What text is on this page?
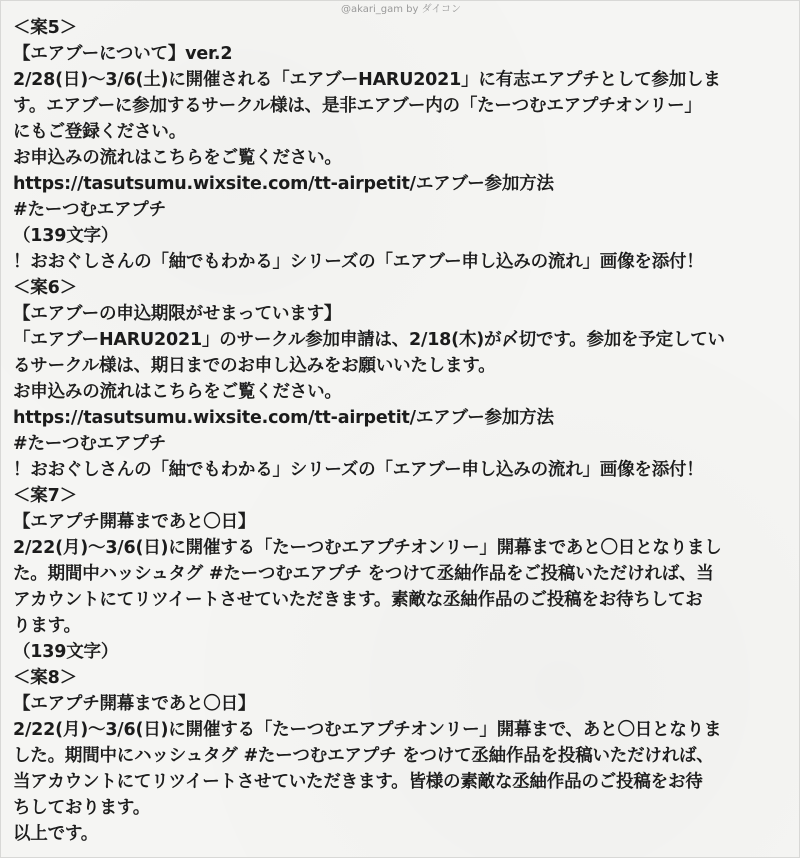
@akari_gam by ダイコン
＜案5＞
【エアブーについて】ver.2
2/28(日)〜3/6(土)に開催される「エアブーHARU2021」に有志エアプチとして参加しま
す。エアブーに参加するサークル様は、是非エアブー内の「たーつむエアプチオンリー」
にもご登録ください。
お申込みの流れはこちらをご覧ください。
https://tasutsumu.wixsite.com/tt-airpetit/エアブー参加方法
#たーつむエアプチ
（139文字）
！おおぐしさんの「紬でもわかる」シリーズの「エアブー申し込みの流れ」画像を添付！
＜案6＞
【エアブーの申込期限がせまっています】
「エアブーHARU2021」のサークル参加申請は、2/18(木)が〆切です。参加を予定してい
るサークル様は、期日までのお申し込みをお願いいたします。
お申込みの流れはこちらをご覧ください。
https://tasutsumu.wixsite.com/tt-airpetit/エアブー参加方法
#たーつむエアプチ
！おおぐしさんの「紬でもわかる」シリーズの「エアブー申し込みの流れ」画像を添付！
＜案7＞
【エアプチ開幕まであと〇日】
2/22(月)〜3/6(日)に開催する「たーつむエアプチオンリー」開幕まであと〇日となりまし
た。期間中ハッシュタグ #たーつむエアプチ をつけて丞紬作品をご投稿いただければ、当
アカウントにてリツイートさせていただきます。素敵な丞紬作品のご投稿をお待ちしてお
ります。
（139文字）
＜案8＞
【エアプチ開幕まであと〇日】
2/22(月)〜3/6(日)に開催する「たーつむエアプチオンリー」開幕まで、あと〇日となりま
した。期間中にハッシュタグ #たーつむエアプチ をつけて丞紬作品を投稿いただければ、
当アカウントにてリツイートさせていただきます。皆様の素敵な丞紬作品のご投稿をお待
ちしております。
以上です。
